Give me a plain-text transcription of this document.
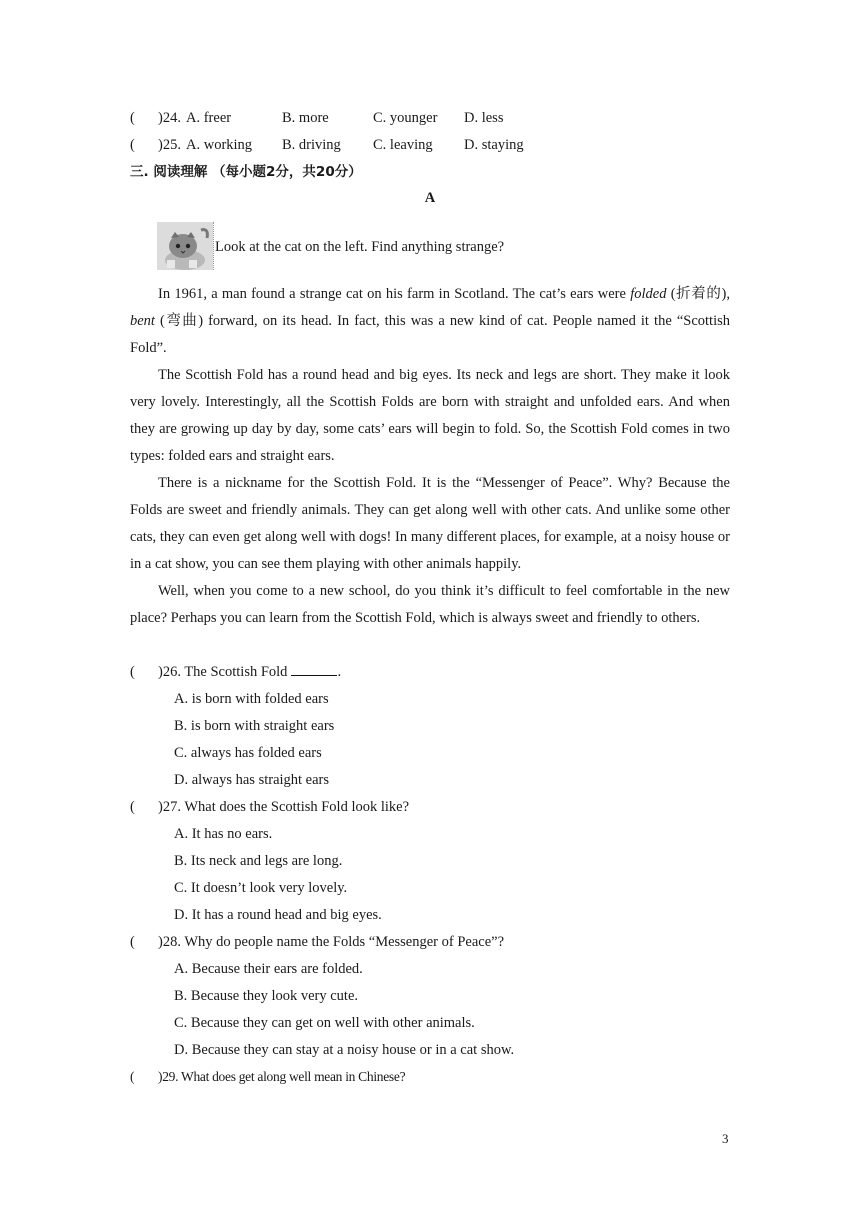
( )24. A. freer	B. more	C. younger D. less
( )25. A. working B. driving C. leaving D. staying
三. 阅读理解 （每小题2分，共20分）
A
Look at the cat on the left. Find anything strange?

In 1961, a man found a strange cat on his farm in Scotland. The cat’s ears were folded (折着的), bent (弯曲) forward, on its head. In fact, this was a new kind of cat. People named it the “Scottish Fold”.

The Scottish Fold has a round head and big eyes. Its neck and legs are short. They make it look very lovely. Interestingly, all the Scottish Folds are born with straight and unfolded ears. And when they are growing up day by day, some cats’ ears will begin to fold. So, the Scottish Fold comes in two types: folded ears and straight ears.

There is a nickname for the Scottish Fold. It is the “Messenger of Peace”. Why? Because the Folds are sweet and friendly animals. They can get along well with other cats. And unlike some other cats, they can even get along well with dogs! In many different places, for example, at a noisy house or in a cat show, you can see them playing with other animals happily.

Well, when you come to a new school, do you think it’s difficult to feel comfortable in the new place? Perhaps you can learn from the Scottish Fold, which is always sweet and friendly to others.

( )26. The Scottish Fold	.
A. is born with folded ears
B. is born with straight ears
C. always has folded ears
D. always has straight ears
( )27. What does the Scottish Fold look like?
A. It has no ears.
B. Its neck and legs are long.
C. It doesn’t look very lovely.
D. It has a round head and big eyes.
( )28. Why do people name the Folds “Messenger of Peace”?
A. Because their ears are folded.
B. Because they look very cute.
C. Because they can get on well with other animals.
D. Because they can stay at a noisy house or in a cat show.
( )29. What does get along well mean in Chinese?
3
